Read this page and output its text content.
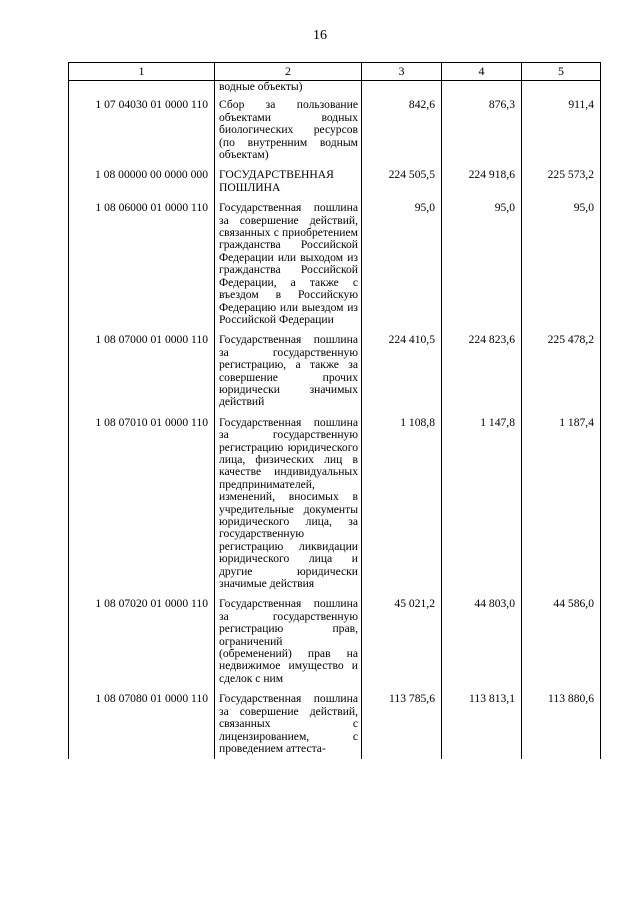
16
1	2	3	4	5
	водные объекты)			
1 07 04030 01 0000 110	Сбор за пользование объектами водных биологических ресурсов (по внутренним водным объектам)	842,6	876,3	911,4
1 08 00000 00 0000 000	ГОСУДАРСТВЕННАЯ ПОШЛИНА	224 505,5	224 918,6	225 573,2
1 08 06000 01 0000 110	Государственная пошлина за совершение действий, связанных с приобретением гражданства Российской Федерации или выходом из гражданства Российской Федерации, а также с въездом в Российскую Федерацию или выездом из Российской Федерации	95,0	95,0	95,0
1 08 07000 01 0000 110	Государственная пошлина за государственную регистрацию, а также за совершение прочих юридически значимых действий	224 410,5	224 823,6	225 478,2
1 08 07010 01 0000 110	Государственная пошлина за государственную регистрацию юридического лица, физических лиц в качестве индивидуальных предпринимателей, изменений, вносимых в учредительные документы юридического лица, за государственную регистрацию ликвидации юридического лица и другие юридически значимые действия	1 108,8	1 147,8	1 187,4
1 08 07020 01 0000 110	Государственная пошлина за государственную регистрацию прав, ограничений (обременений) прав на недвижимое имущество и сделок с ним	45 021,2	44 803,0	44 586,0
1 08 07080 01 0000 110	Государственная пошлина за совершение действий, связанных с лицензированием, с проведением аттеста-	113 785,6	113 813,1	113 880,6
